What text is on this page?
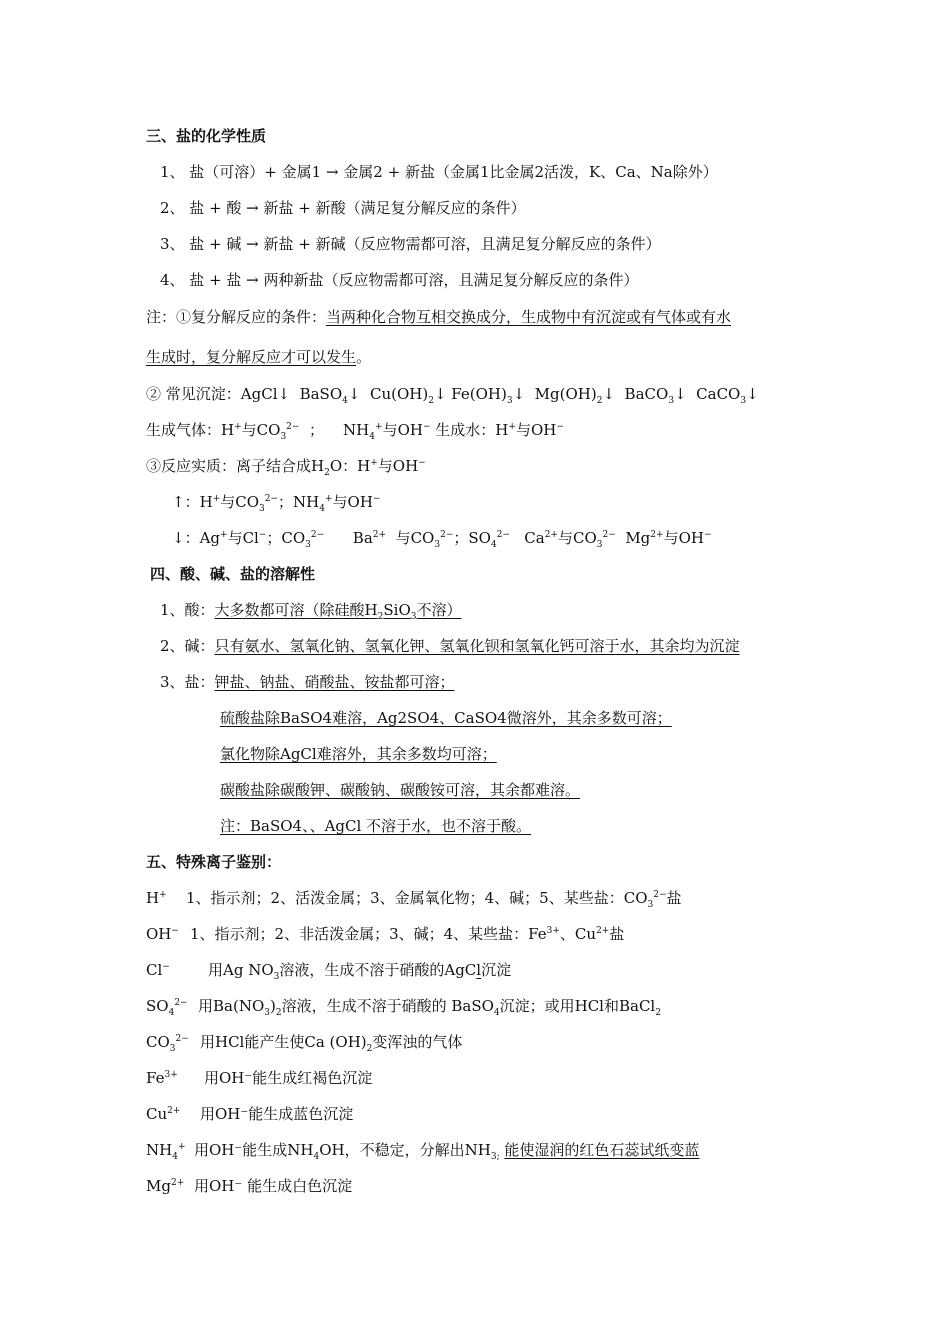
三、盐的化学性质
1、 盐（可溶）+ 金属1 → 金属2 + 新盐（金属1比金属2活泼，K、Ca、Na除外）
2、 盐 + 酸 → 新盐 + 新酸（满足复分解反应的条件）
3、 盐 + 碱 → 新盐 + 新碱（反应物需都可溶，且满足复分解反应的条件）
4、 盐 + 盐 → 两种新盐（反应物需都可溶，且满足复分解反应的条件）
注：①复分解反应的条件：当两种化合物互相交换成分，生成物中有沉淀或有气体或有水
生成时，复分解反应才可以发生。
② 常见沉淀：AgCl↓  BaSO$_4$↓  $Cu(OH)_2↓$ $Fe(OH)_3↓$  $Mg(OH)_2↓$  BaCO$_3$↓  CaCO$_3$↓
生成气体：H+与$CO_3^{2-}$  ；    $NH_4^+$与OH− 生成水：H+与OH−
③反应实质：离子结合成$H_2O$：H+与OH−
↑：H+与$CO_3^{2-}$；$NH_4^+$与OH−
↓：Ag+与Cl−；$CO_3^{2-}$      $Ba^{2+}$  与$CO_3^{2-}$；$SO_4^{2-}$   $Ca^{2+}$与$CO_3^{2-}$  $Mg^{2+}$与OH−
四、酸、碱、盐的溶解性
1、酸：大多数都可溶（除硅酸$H_2SiO_3$不溶）
2、碱：只有氨水、氢氧化钠、氢氧化钾、氢氧化钡和氢氧化钙可溶于水，其余均为沉淀
3、盐：钾盐、钠盐、硝酸盐、铵盐都可溶；
硫酸盐除BaSO4难溶，Ag2SO4、CaSO4微溶外，其余多数可溶；
氯化物除AgCl难溶外，其余多数均可溶；
碳酸盐除碳酸钾、碳酸钠、碳酸铵可溶，其余都难溶。
注：BaSO4、、AgCl 不溶于水，也不溶于酸。
五、特殊离子鉴别：
H+ 1、指示剂；2、活泼金属；3、金属氧化物；4、碱；5、某些盐：$CO_3^{2-}$盐
OH− 1、指示剂；2、非活泼金属；3、碱；4、某些盐：$Fe^{3+}$、$Cu^{2+}$盐
Cl−	用Ag $NO_3$溶液，生成不溶于硝酸的AgCl沉淀
$SO_4^{2-}$ 用$Ba(NO_3)_2$溶液，生成不溶于硝酸的 BaSO$_4$沉淀；或用HCl和BaCl$_2$
$CO_3^{2-}$ 用HCl能产生使Ca $(OH)_2$变浑浊的气体
$Fe^{3+}$ 用OH⁻能生成红褐色沉淀
$Cu^{2+}$ 用OH⁻能生成蓝色沉淀
$NH_4^+$ 用OH⁻能生成$NH_4OH$，不稳定，分解出$NH_{3;}$ 能使湿润的红色石蕊试纸变蓝
$Mg^{2+}$ 用OH⁻ 能生成白色沉淀
